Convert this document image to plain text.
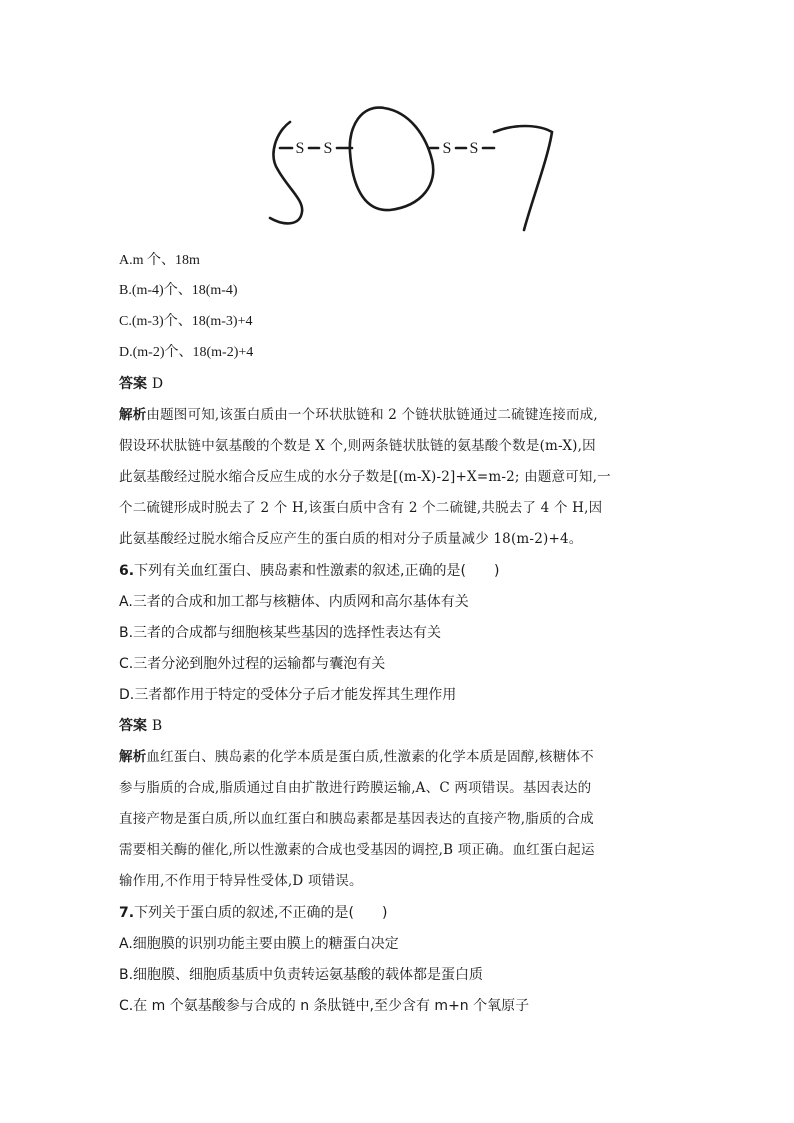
S S	S S
A.m 个、18m
B.(m-4)个、18(m-4)
C.(m-3)个、18(m-3)+4
D.(m-2)个、18(m-2)+4
答案 D
解析由题图可知,该蛋白质由一个环状肽链和 2 个链状肽链通过二硫键连接而成,
假设环状肽链中氨基酸的个数是 X 个,则两条链状肽链的氨基酸个数是(m-X),因
此氨基酸经过脱水缩合反应生成的水分子数是[(m-X)-2]+X=m-2; 由题意可知,一
个二硫键形成时脱去了 2 个 H,该蛋白质中含有 2 个二硫键,共脱去了 4 个 H,因
此氨基酸经过脱水缩合反应产生的蛋白质的相对分子质量减少 18(m-2)+4。
6.下列有关血红蛋白、胰岛素和性激素的叙述,正确的是(　　)
A.三者的合成和加工都与核糖体、内质网和高尔基体有关
B.三者的合成都与细胞核某些基因的选择性表达有关
C.三者分泌到胞外过程的运输都与囊泡有关
D.三者都作用于特定的受体分子后才能发挥其生理作用
答案 B
解析血红蛋白、胰岛素的化学本质是蛋白质,性激素的化学本质是固醇,核糖体不
参与脂质的合成,脂质通过自由扩散进行跨膜运输,A、C 两项错误。基因表达的
直接产物是蛋白质,所以血红蛋白和胰岛素都是基因表达的直接产物,脂质的合成
需要相关酶的催化,所以性激素的合成也受基因的调控,B 项正确。血红蛋白起运
输作用,不作用于特异性受体,D 项错误。
7.下列关于蛋白质的叙述,不正确的是(　　)
A.细胞膜的识别功能主要由膜上的糖蛋白决定
B.细胞膜、细胞质基质中负责转运氨基酸的载体都是蛋白质
C.在 m 个氨基酸参与合成的 n 条肽链中,至少含有 m+n 个氧原子
